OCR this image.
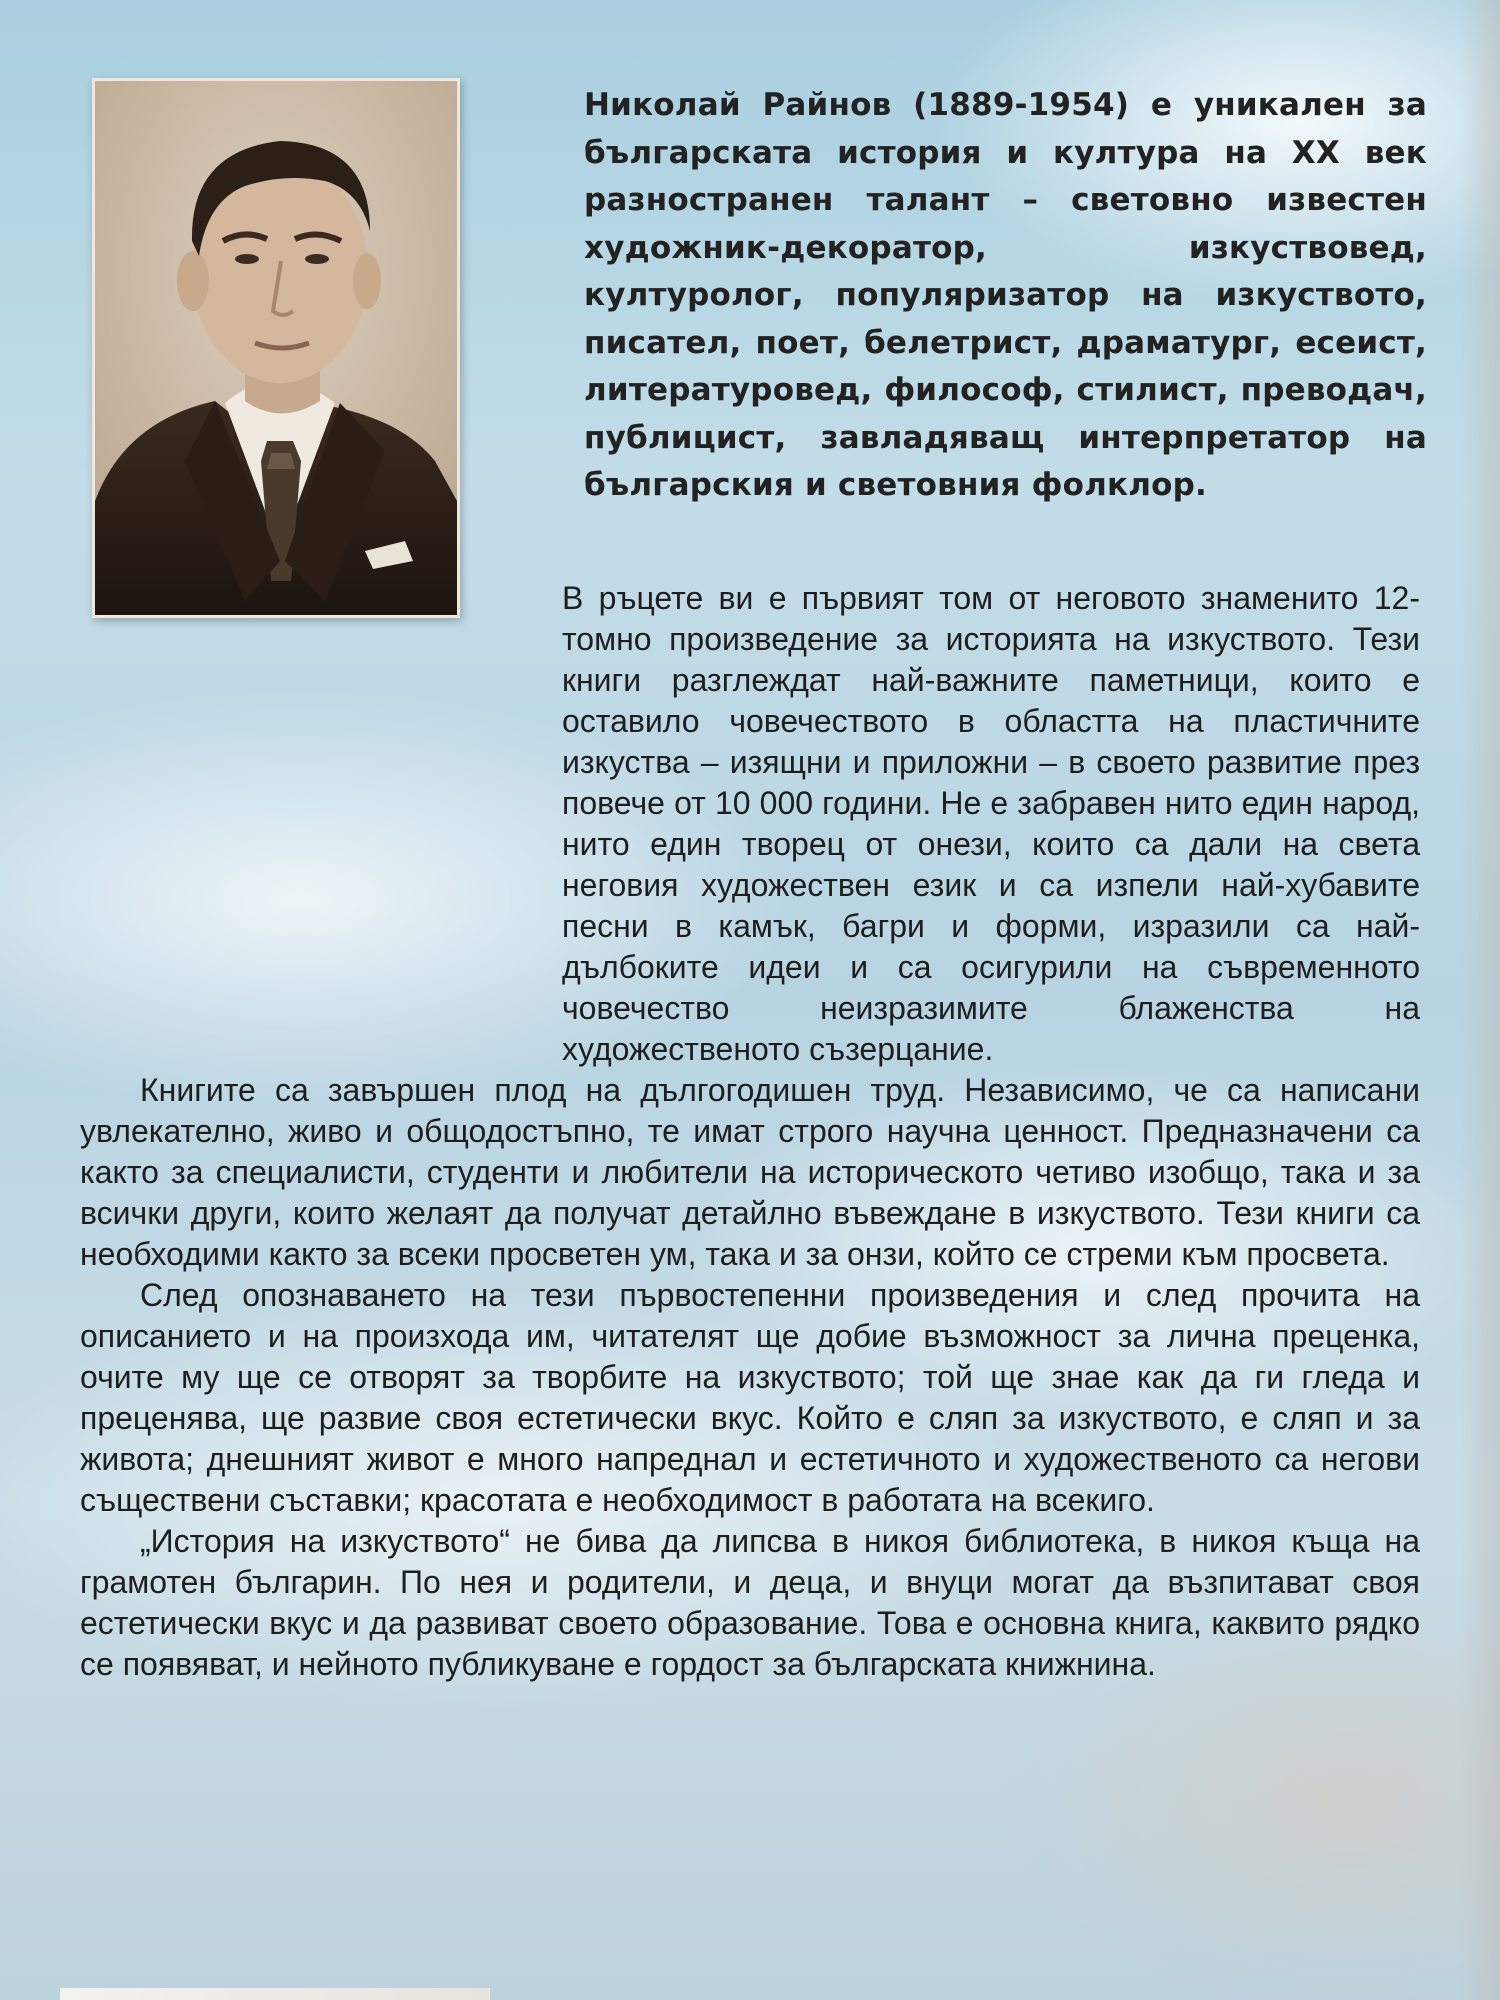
Николай Райнов (1889-1954) е уникален за българската история и култура на XX век разностранен талант – световно известен художник-декоратор, изкуствовед, културолог, популяризатор на изкуството, писател, поет, белетрист, драматург, есеист, литературовед, философ, стилист, преводач, публицист, завладяващ интерпретатор на българския и световния фолклор.

В ръцете ви е първият том от неговото знаменито 12-томно произведение за историята на изкуството. Тези книги разглеждат най-важните паметници, които е оставило човечеството в областта на пластичните изкуства – изящни и приложни – в своето развитие през повече от 10 000 години. Не е забравен нито един народ, нито един творец от онези, които са дали на света неговия художествен език и са изпели най-хубавите песни в камък, багри и форми, изразили са най-дълбоките идеи и са осигурили на съвременното човечество неизразимите блаженства на художественото съзерцание.

Книгите са завършен плод на дългогодишен труд. Независимо, че са написани увлекателно, живо и общодостъпно, те имат строго научна ценност. Предназначени са както за специалисти, студенти и любители на историческото четиво изобщо, така и за всички други, които желаят да получат детайлно въвеждане в изкуството. Тези книги са необходими както за всеки просветен ум, така и за онзи, който се стреми към просвета.

След опознаването на тези първостепенни произведения и след прочита на описанието и на произхода им, читателят ще добие възможност за лична преценка, очите му ще се отворят за творбите на изкуството; той ще знае как да ги гледа и преценява, ще развие своя естетически вкус. Който е сляп за изкуството, е сляп и за живота; днешният живот е много напреднал и естетичното и художественото са негови съществени съставки; красотата е необходимост в работата на всекиго.

„История на изкуството“ не бива да липсва в никоя библиотека, в никоя къща на грамотен българин. По нея и родители, и деца, и внуци могат да възпитават своя естетически вкус и да развиват своето образование. Това е основна книга, каквито рядко се появяват, и нейното публикуване е гордост за българската книжнина.
